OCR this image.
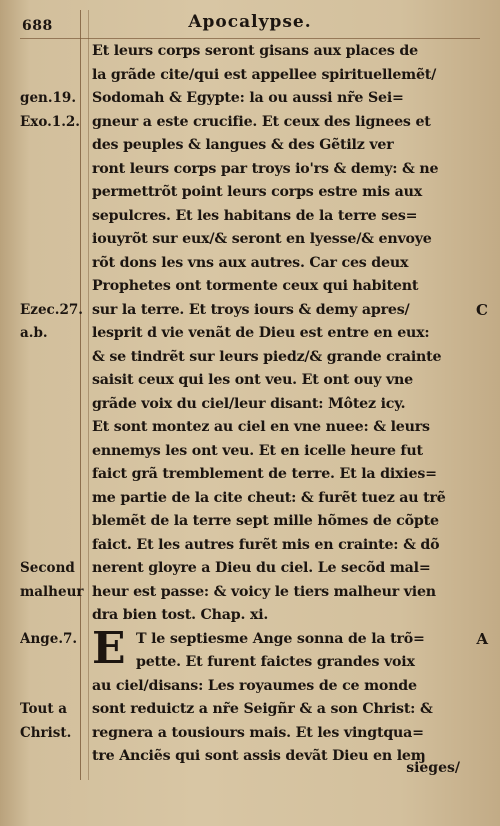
688	Apocalypse.
Et leurs corps seront gisans aux places de
la grãde cite/qui est appellee spirituellemẽt/
Sodomah & Egypte: la ou aussi nr̃e Sei=
gneur a este crucifie. Et ceux des lignees et
des peuples & langues & des Gẽtilz ver
ront leurs corps par troys io'rs & demy: & ne
permettrõt point leurs corps estre mis aux
sepulcres. Et les habitans de la terre ses=
iouyrõt sur eux/& seront en lyesse/& envoye
rõt dons les vns aux autres. Car ces deux
Prophetes ont tormente ceux qui habitent
sur la terre. Et troys iours & demy apres/
lesprit d vie venãt de Dieu est entre en eux:
& se tindrẽt sur leurs piedz/& grande crainte
saisit ceux qui les ont veu. Et ont ouy vne
grãde voix du ciel/leur disant: Môtez icy.
Et sont montez au ciel en vne nuee: & leurs
ennemys les ont veu. Et en icelle heure fut
faict grã tremblement de terre. Et la dixies=
me partie de la cite cheut: & furẽt tuez au trẽ
blemẽt de la terre sept mille hõmes de cõpte
faict. Et les autres furẽt mis en crainte: & dõ
nerent gloyre a Dieu du ciel. Le secõd mal=
heur est passe: & voicy le tiers malheur vien
dra bien tost. Chap. xi.
T le septiesme Ange sonna de la trõ=
pette. Et furent faictes grandes voix
au ciel/disans: Les royaumes de ce monde
sont reduictz a nr̃e Seigñr & a son Christ: &
regnera a tousiours mais. Et les vingtqua=
tre Anciẽs qui sont assis devãt Dieu en leɱ
E
gen.19.
Exo.1.2.
Ezec.27.
a.b.
Second
malheur
Ange.7.
Tout a
Christ.
C
A
sieges/
